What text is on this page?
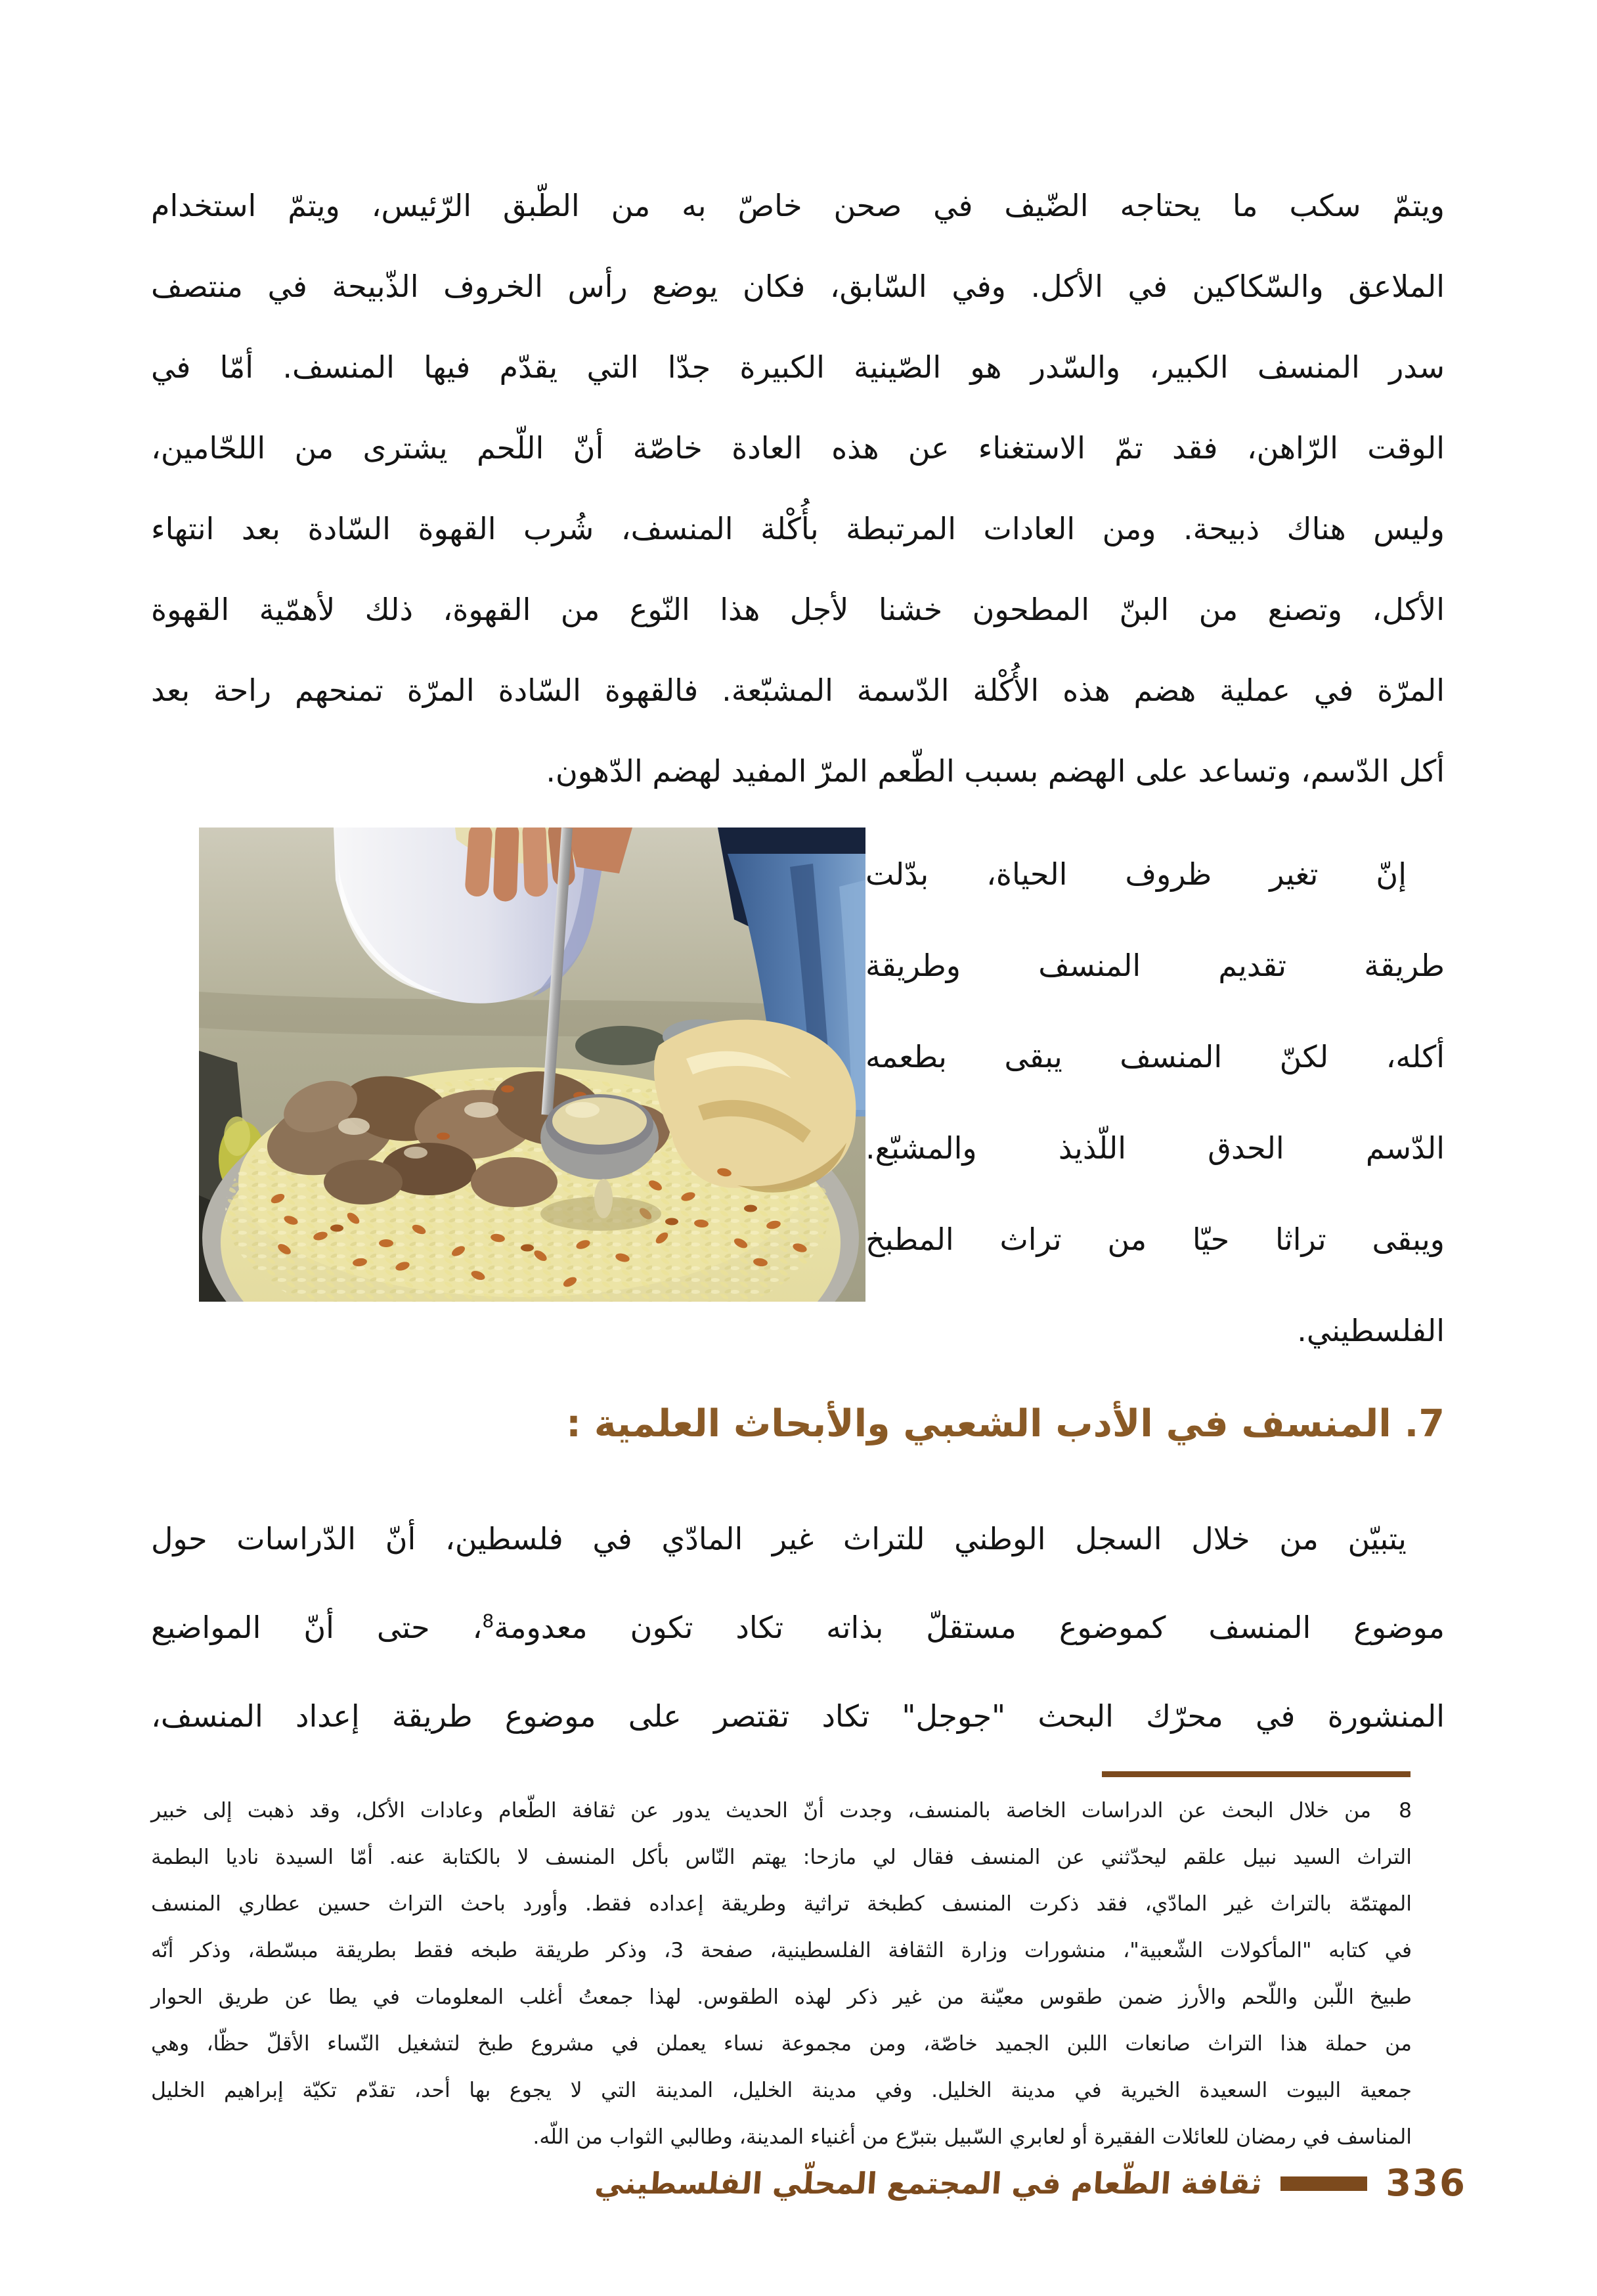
ويتمّ سكب ما يحتاجه الضّيف في صحن خاصّ به من الطّبق الرّئيس، ويتمّ استخدام
الملاعق والسّكاكين في الأكل. وفي السّابق، فكان يوضع رأس الخروف الذّبيحة في منتصف
سدر المنسف الكبير، والسّدر هو الصّينية الكبيرة جدّا التي يقدّم فيها المنسف. أمّا في
الوقت الرّاهن، فقد تمّ الاستغناء عن هذه العادة خاصّة أنّ اللّحم يشترى من اللحّامين،
وليس هناك ذبيحة. ومن العادات المرتبطة بأُكْلة المنسف، شُرب القهوة السّادة بعد انتهاء
الأكل، وتصنع من البنّ المطحون خشنا لأجل هذا النّوع من القهوة، ذلك لأهمّية القهوة
المرّة في عملية هضم هذه الأُكْلة الدّسمة المشبّعة. فالقهوة السّادة المرّة تمنحهم راحة بعد
أكل الدّسم، وتساعد على الهضم بسبب الطّعم المرّ المفيد لهضم الدّهون.
إنّ تغير ظروف الحياة، بدّلت
طريقة تقديم المنسف وطريقة
أكله، لكنّ المنسف يبقى بطعمه
الدّسم الحدق اللّذيذ والمشبّع.
ويبقى تراثا حيّا من تراث المطبخ
الفلسطيني.
7. المنسف في الأدب الشعبي والأبحاث العلمية :
يتبيّن من خلال السجل الوطني للتراث غير المادّي في فلسطين، أنّ الدّراسات حول
موضوع المنسف كموضوع مستقلّ بذاته تكاد تكون معدومة$^8$، حتى أنّ المواضيع
المنشورة في محرّك البحث "جوجل" تكاد تقتصر على موضوع طريقة إعداد المنسف،
8من خلال البحث عن الدراسات الخاصة بالمنسف، وجدت أنّ الحديث يدور عن ثقافة الطّعام وعادات الأكل، وقد ذهبت إلى خبير
التراث السيد نبيل علقم ليحدّثني عن المنسف فقال لي مازحا: يهتم النّاس بأكل المنسف لا بالكتابة عنه. أمّا السيدة ناديا البطمة
المهتمّة بالتراث غير المادّي، فقد ذكرت المنسف كطبخة تراثية وطريقة إعداده فقط. وأورد باحث التراث حسين عطاري المنسف
في كتابه "المأكولات الشّعبية"، منشورات وزارة الثقافة الفلسطينية، صفحة 3، وذكر طريقة طبخه فقط بطريقة مبسّطة، وذكر أنّه
طبيخ اللّبن واللّحم والأرز ضمن طقوس معيّنة من غير ذكر لهذه الطقوس. لهذا جمعتُ أغلب المعلومات في يطا عن طريق الحوار
من حملة هذا التراث صانعات اللبن الجميد خاصّة، ومن مجموعة نساء يعملن في مشروع طبخ لتشغيل النّساء الأقلّ حظّا، وهي
جمعية البيوت السعيدة الخيرية في مدينة الخليل. وفي مدينة الخليل، المدينة التي لا يجوع بها أحد، تقدّم تكيّة إبراهيم الخليل
المناسف في رمضان للعائلات الفقيرة أو لعابري السّبيل بتبرّع من أغنياء المدينة، وطالبي الثواب من اللّه.
336
ثقافة الطّعام في المجتمع المحلّي الفلسطيني
